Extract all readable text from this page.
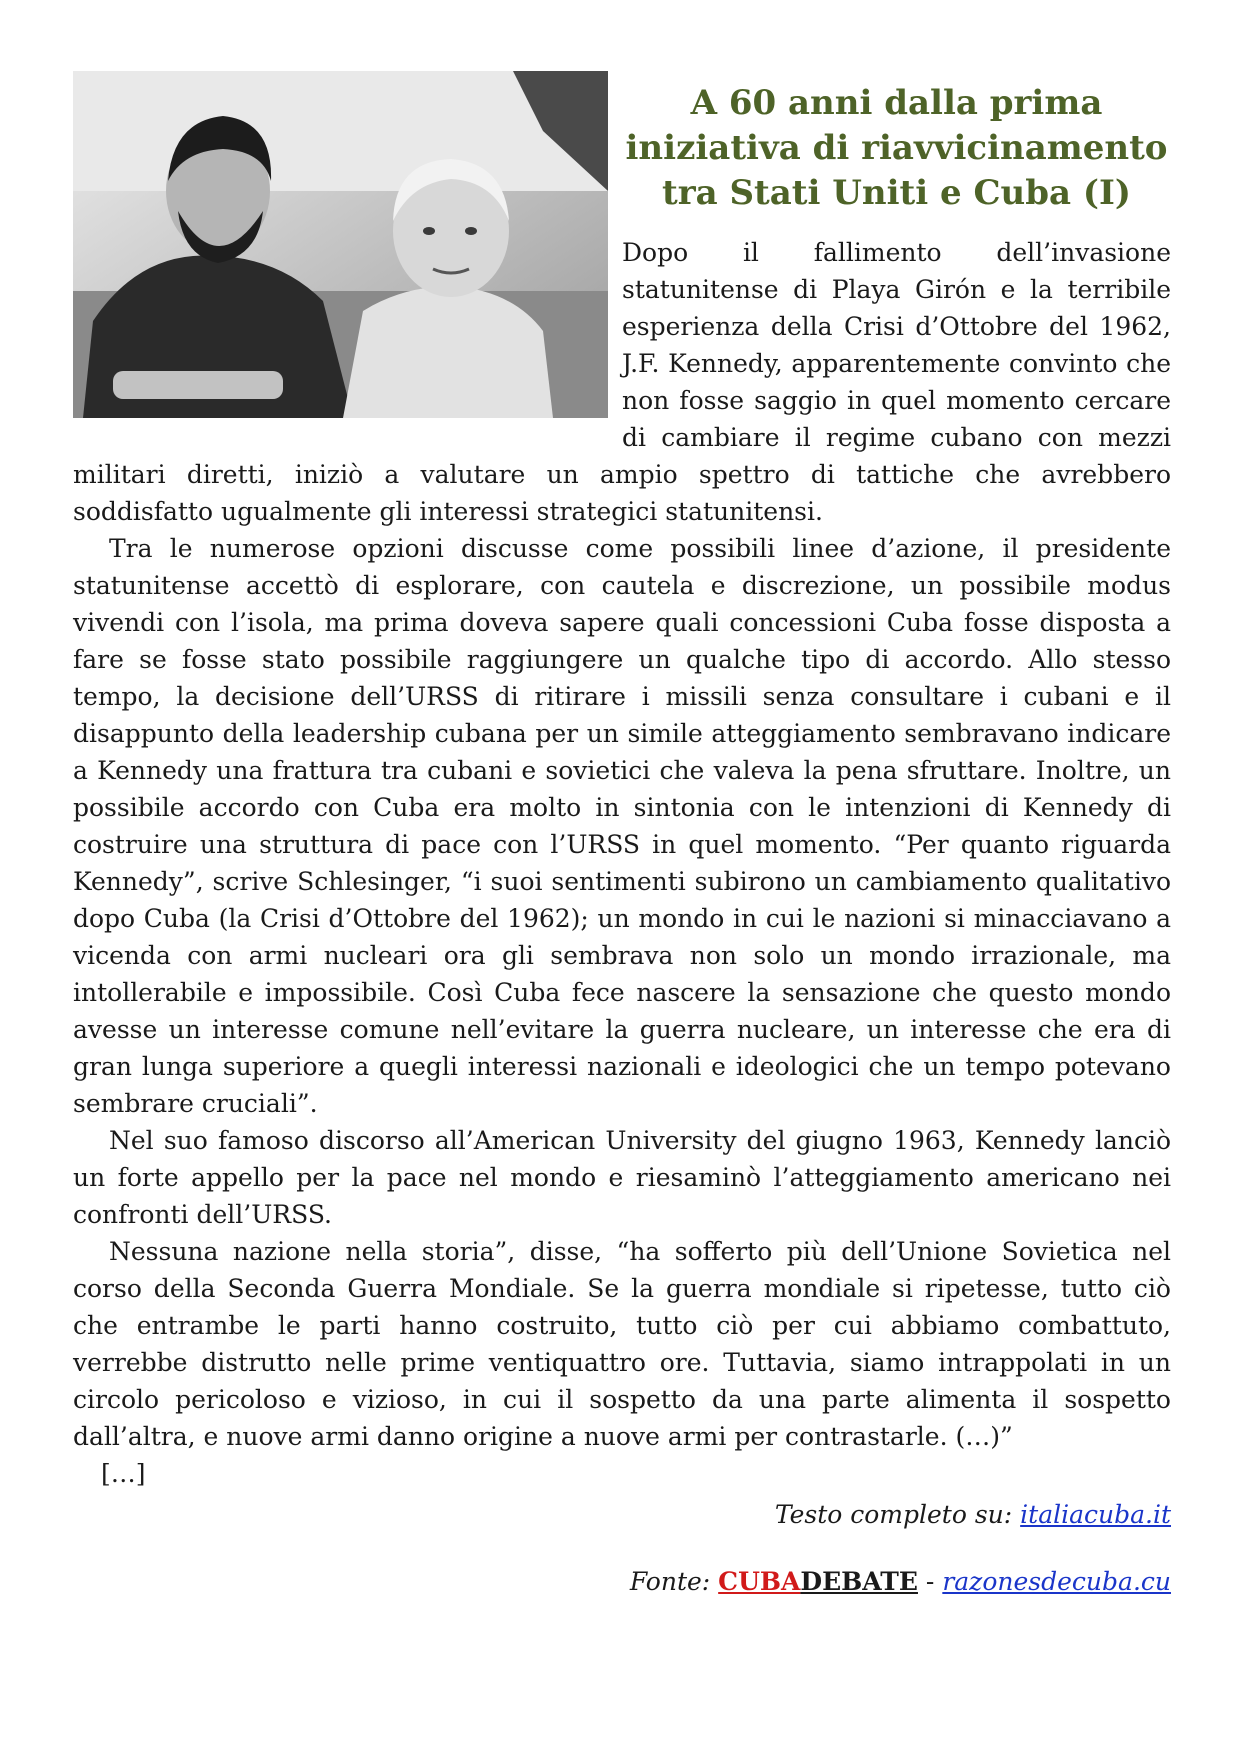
A 60 anni dalla prima
iniziativa di riavvicinamento
tra Stati Uniti e Cuba (I)

Dopo il fallimento dell’invasione statunitense di Playa Girón e la terribile esperienza della Crisi d’Ottobre del 1962, J.F. Kennedy, apparentemente convinto che non fosse saggio in quel momento cercare di cambiare il regime cubano con mezzi militari diretti, iniziò a valutare un ampio spettro di tattiche che avrebbero soddisfatto ugualmente gli interessi strategici statunitensi.

Tra le numerose opzioni discusse come possibili linee d’azione, il presidente statunitense accettò di esplorare, con cautela e discrezione, un possibile modus vivendi con l’isola, ma prima doveva sapere quali concessioni Cuba fosse disposta a fare se fosse stato possibile raggiungere un qualche tipo di accordo. Allo stesso tempo, la decisione dell’URSS di ritirare i missili senza consultare i cubani e il disappunto della leadership cubana per un simile atteggiamento sembravano indicare a Kennedy una frattura tra cubani e sovietici che valeva la pena sfruttare. Inoltre, un possibile accordo con Cuba era molto in sintonia con le intenzioni di Kennedy di costruire una struttura di pace con l’URSS in quel momento. “Per quanto riguarda Kennedy”, scrive Schlesinger, “i suoi sentimenti subirono un cambiamento qualitativo dopo Cuba (la Crisi d’Ottobre del 1962); un mondo in cui le nazioni si minacciavano a vicenda con armi nucleari ora gli sembrava non solo un mondo irrazionale, ma intollerabile e impossibile. Così Cuba fece nascere la sensazione che questo mondo avesse un interesse comune nell’evitare la guerra nucleare, un interesse che era di gran lunga superiore a quegli interessi nazionali e ideologici che un tempo potevano sembrare cruciali”.

Nel suo famoso discorso all’American University del giugno 1963, Kennedy lanciò un forte appello per la pace nel mondo e riesaminò l’atteggiamento americano nei confronti dell’URSS.

Nessuna nazione nella storia”, disse, “ha sofferto più dell’Unione Sovietica nel corso della Seconda Guerra Mondiale. Se la guerra mondiale si ripetesse, tutto ciò che entrambe le parti hanno costruito, tutto ciò per cui abbiamo combattuto, verrebbe distrutto nelle prime ventiquattro ore. Tuttavia, siamo intrappolati in un circolo pericoloso e vizioso, in cui il sospetto da una parte alimenta il sospetto dall’altra, e nuove armi danno origine a nuove armi per contrastarle. (…)”

[…]
Testo completo su: italiacuba.it
Fonte: CUBADEBATE - razonesdecuba.cu
